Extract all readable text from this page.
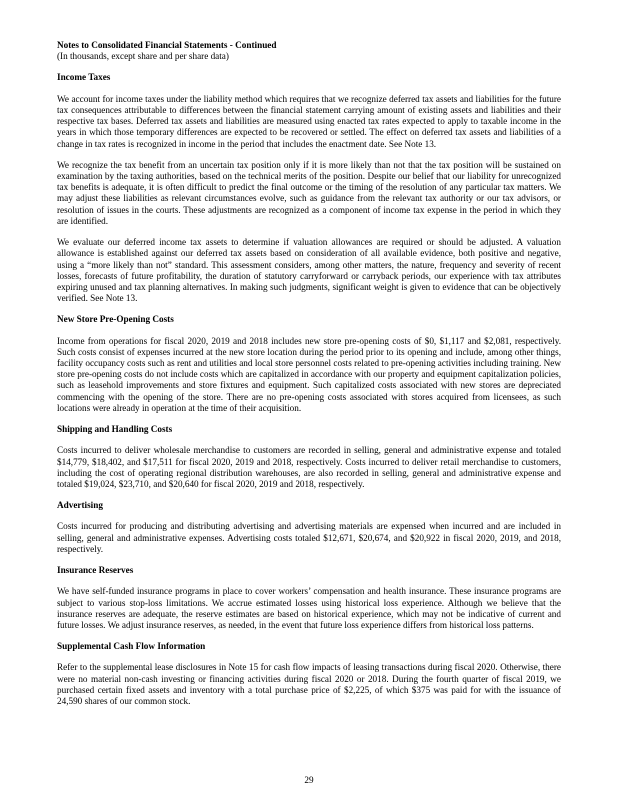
Notes to Consolidated Financial Statements - Continued
(In thousands, except share and per share data)
Income Taxes

We account for income taxes under the liability method which requires that we recognize deferred tax assets and liabilities for the future tax consequences attributable to differences between the financial statement carrying amount of existing assets and liabilities and their respective tax bases. Deferred tax assets and liabilities are measured using enacted tax rates expected to apply to taxable income in the years in which those temporary differences are expected to be recovered or settled. The effect on deferred tax assets and liabilities of a change in tax rates is recognized in income in the period that includes the enactment date. See Note 13.

We recognize the tax benefit from an uncertain tax position only if it is more likely than not that the tax position will be sustained on examination by the taxing authorities, based on the technical merits of the position. Despite our belief that our liability for unrecognized tax benefits is adequate, it is often difficult to predict the final outcome or the timing of the resolution of any particular tax matters. We may adjust these liabilities as relevant circumstances evolve, such as guidance from the relevant tax authority or our tax advisors, or resolution of issues in the courts. These adjustments are recognized as a component of income tax expense in the period in which they are identified.

We evaluate our deferred income tax assets to determine if valuation allowances are required or should be adjusted. A valuation allowance is established against our deferred tax assets based on consideration of all available evidence, both positive and negative, using a “more likely than not” standard. This assessment considers, among other matters, the nature, frequency and severity of recent losses, forecasts of future profitability, the duration of statutory carryforward or carryback periods, our experience with tax attributes expiring unused and tax planning alternatives. In making such judgments, significant weight is given to evidence that can be objectively verified. See Note 13.

New Store Pre-Opening Costs

Income from operations for fiscal 2020, 2019 and 2018 includes new store pre-opening costs of $0, $1,117 and $2,081, respectively. Such costs consist of expenses incurred at the new store location during the period prior to its opening and include, among other things, facility occupancy costs such as rent and utilities and local store personnel costs related to pre-opening activities including training. New store pre-opening costs do not include costs which are capitalized in accordance with our property and equipment capitalization policies, such as leasehold improvements and store fixtures and equipment. Such capitalized costs associated with new stores are depreciated commencing with the opening of the store. There are no pre-opening costs associated with stores acquired from licensees, as such locations were already in operation at the time of their acquisition.

Shipping and Handling Costs

Costs incurred to deliver wholesale merchandise to customers are recorded in selling, general and administrative expense and totaled $14,779, $18,402, and $17,511 for fiscal 2020, 2019 and 2018, respectively. Costs incurred to deliver retail merchandise to customers, including the cost of operating regional distribution warehouses, are also recorded in selling, general and administrative expense and totaled $19,024, $23,710, and $20,640 for fiscal 2020, 2019 and 2018, respectively.

Advertising

Costs incurred for producing and distributing advertising and advertising materials are expensed when incurred and are included in selling, general and administrative expenses. Advertising costs totaled $12,671, $20,674, and $20,922 in fiscal 2020, 2019, and 2018, respectively.

Insurance Reserves

We have self-funded insurance programs in place to cover workers’ compensation and health insurance. These insurance programs are subject to various stop-loss limitations. We accrue estimated losses using historical loss experience. Although we believe that the insurance reserves are adequate, the reserve estimates are based on historical experience, which may not be indicative of current and future losses. We adjust insurance reserves, as needed, in the event that future loss experience differs from historical loss patterns.

Supplemental Cash Flow Information

Refer to the supplemental lease disclosures in Note 15 for cash flow impacts of leasing transactions during fiscal 2020. Otherwise, there were no material non-cash investing or financing activities during fiscal 2020 or 2018. During the fourth quarter of fiscal 2019, we purchased certain fixed assets and inventory with a total purchase price of $2,225, of which $375 was paid for with the issuance of 24,590 shares of our common stock.

29
